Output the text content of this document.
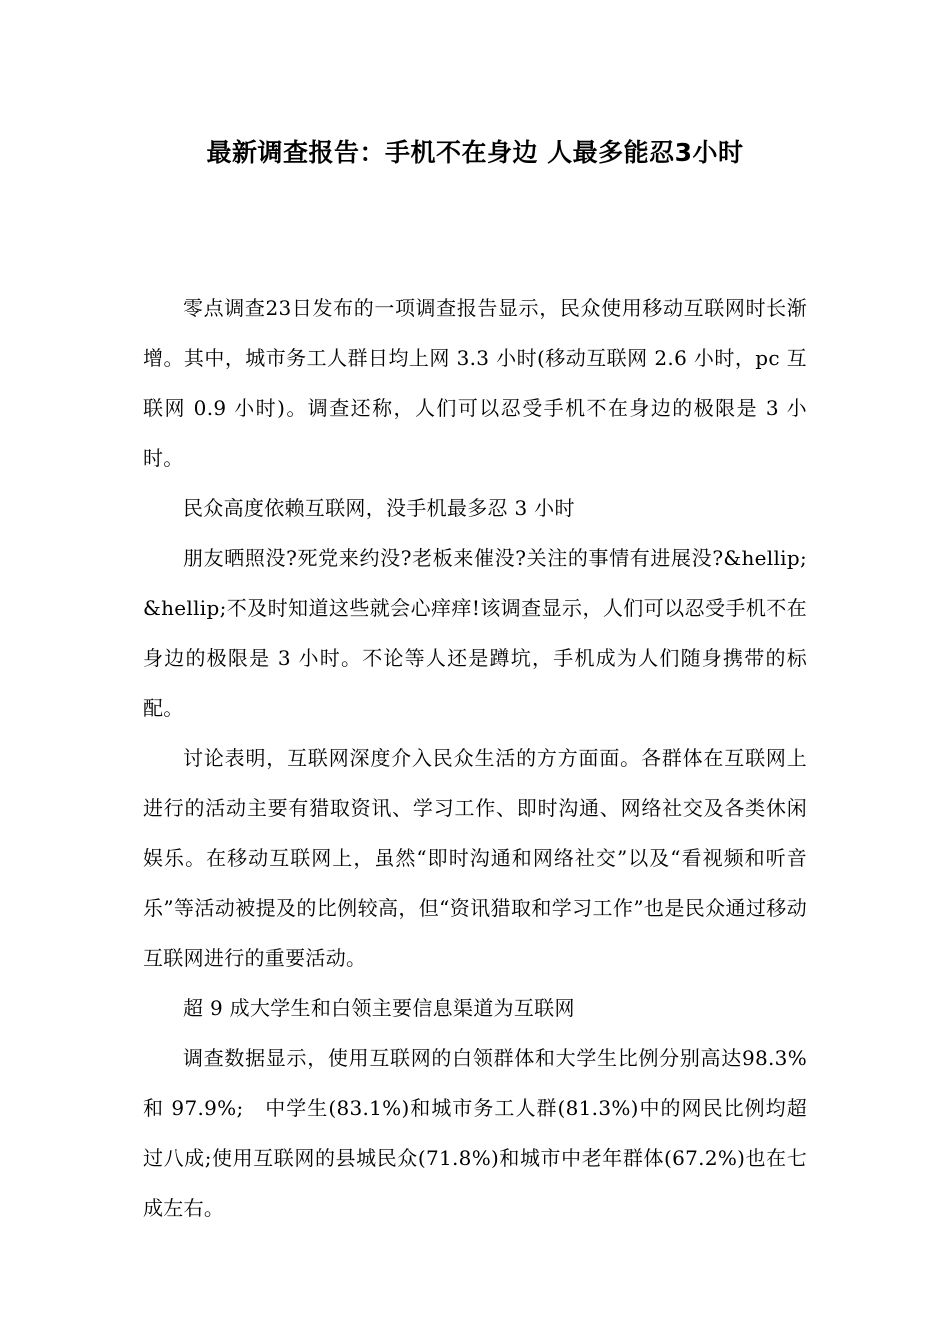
最新调查报告：手机不在身边 人最多能忍3小时

零点调查23日发布的一项调查报告显示，民众使用移动互联网时长渐增。其中，城市务工人群日均上网 3.3 小时(移动互联网 2.6 小时，pc 互联网 0.9 小时)。调查还称，人们可以忍受手机不在身边的极限是 3 小时。

民众高度依赖互联网，没手机最多忍 3 小时

朋友晒照没?死党来约没?老板来催没?关注的事情有进展没?&hellip;&hellip;不及时知道这些就会心痒痒!该调查显示，人们可以忍受手机不在身边的极限是 3 小时。不论等人还是蹲坑，手机成为人们随身携带的标配。

讨论表明，互联网深度介入民众生活的方方面面。各群体在互联网上进行的活动主要有猎取资讯、学习工作、即时沟通、网络社交及各类休闲娱乐。在移动互联网上，虽然“即时沟通和网络社交”以及“看视频和听音乐”等活动被提及的比例较高，但“资讯猎取和学习工作”也是民众通过移动互联网进行的重要活动。

超 9 成大学生和白领主要信息渠道为互联网

调查数据显示，使用互联网的白领群体和大学生比例分别高达98.3%和 97.9%;　中学生(83.1%)和城市务工人群(81.3%)中的网民比例均超过八成;使用互联网的县城民众(71.8%)和城市中老年群体(67.2%)也在七成左右。
